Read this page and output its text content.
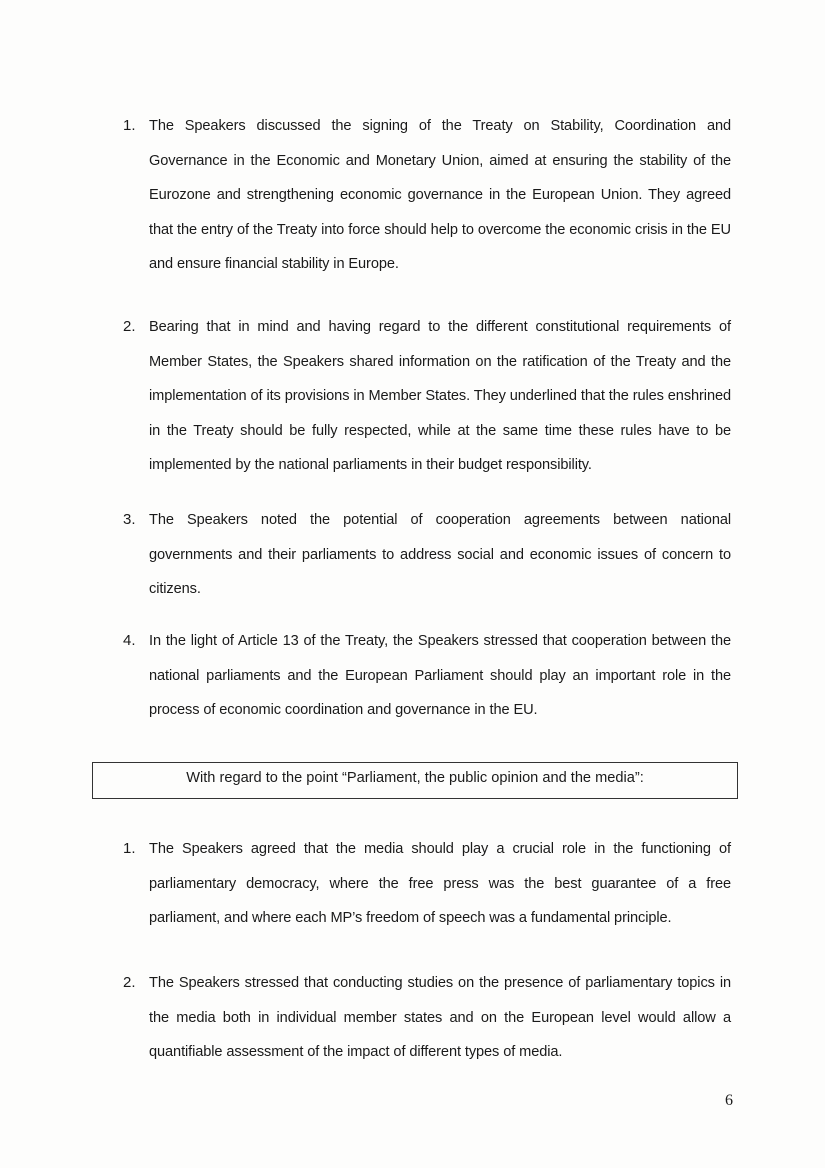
1. The Speakers discussed the signing of the Treaty on Stability, Coordination and Governance in the Economic and Monetary Union, aimed at ensuring the stability of the Eurozone and strengthening economic governance in the European Union. They agreed that the entry of the Treaty into force should help to overcome the economic crisis in the EU and ensure financial stability in Europe.
2. Bearing that in mind and having regard to the different constitutional requirements of Member States, the Speakers shared information on the ratification of the Treaty and the implementation of its provisions in Member States. They underlined that the rules enshrined in the Treaty should be fully respected, while at the same time these rules have to be implemented by the national parliaments in their budget responsibility.
3. The Speakers noted the potential of cooperation agreements between national governments and their parliaments to address social and economic issues of concern to citizens.
4. In the light of Article 13 of the Treaty, the Speakers stressed that cooperation between the national parliaments and the European Parliament should play an important role in the process of economic coordination and governance in the EU.
With regard to the point “Parliament, the public opinion and the media”:
1. The Speakers agreed that the media should play a crucial role in the functioning of parliamentary democracy, where the free press was the best guarantee of a free parliament, and where each MP’s freedom of speech was a fundamental principle.
2. The Speakers stressed that conducting studies on the presence of parliamentary topics in the media both in individual member states and on the European level would allow a quantifiable assessment of the impact of different types of media.
6
